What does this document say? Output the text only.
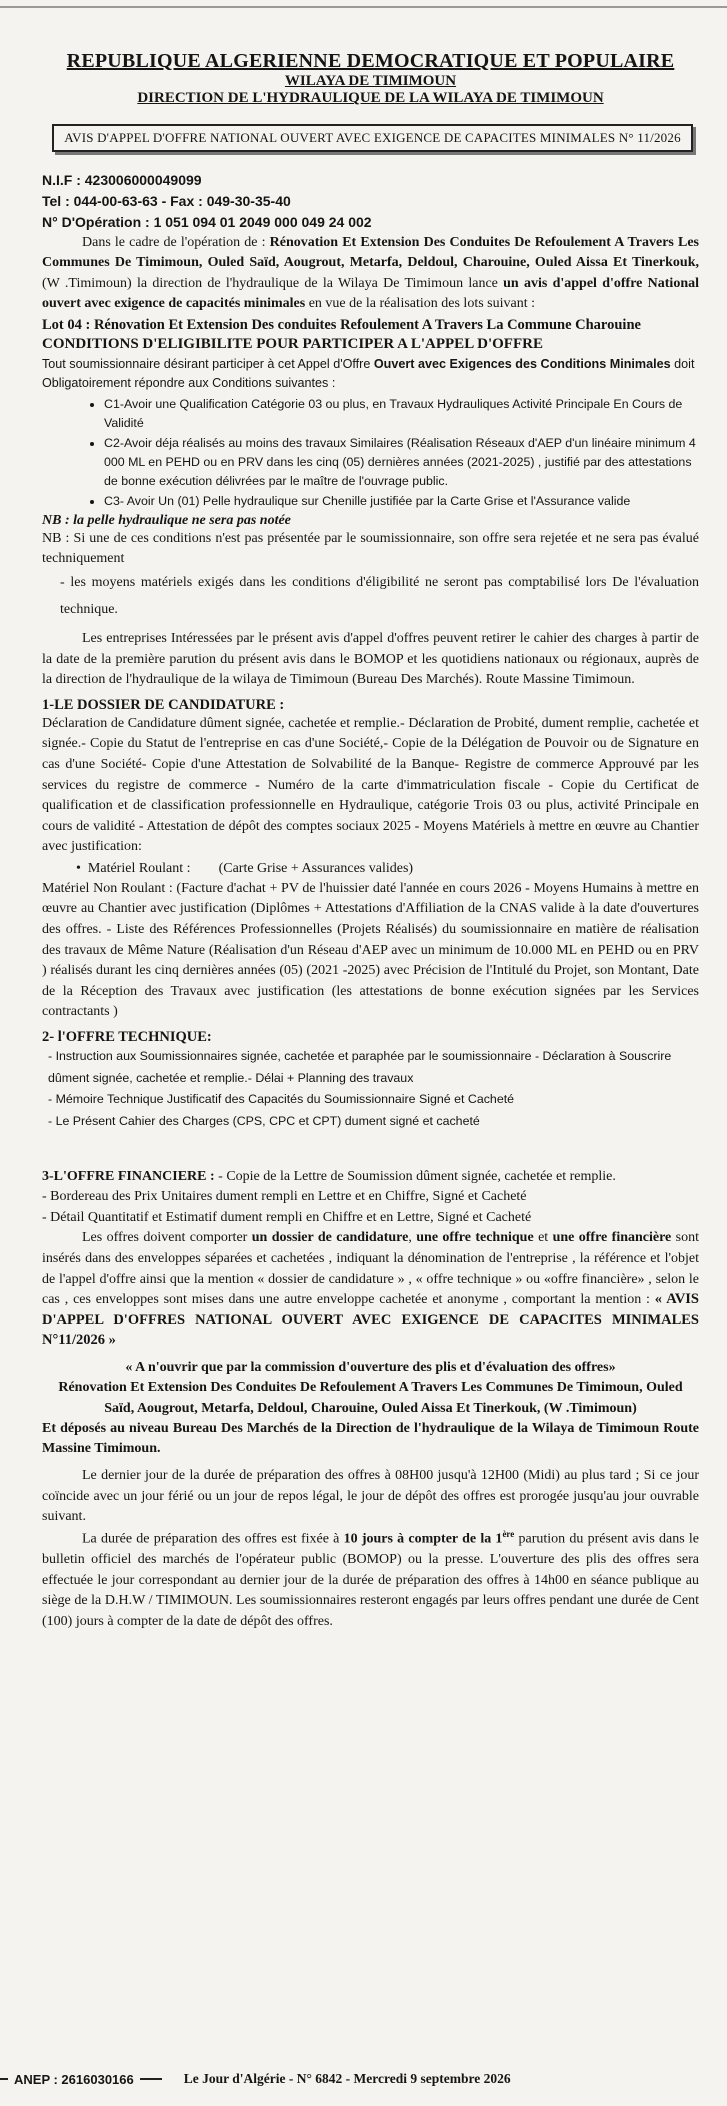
REPUBLIQUE ALGERIENNE DEMOCRATIQUE ET POPULAIRE
WILAYA DE TIMIMOUN
DIRECTION DE L'HYDRAULIQUE DE LA WILAYA DE TIMIMOUN
AVIS D'APPEL D'OFFRE NATIONAL OUVERT AVEC EXIGENCE DE CAPACITES MINIMALES N° 11/2026
N.I.F : 423006000049099
Tel : 044-00-63-63 - Fax : 049-30-35-40
N° D'Opération : 1 051 094 01 2049 000 049 24 002

Dans le cadre de l'opération de : Rénovation Et Extension Des Conduites De Refoulement A Travers Les Communes De Timimoun, Ouled Saïd, Aougrout, Metarfa, Deldoul, Charouine, Ouled Aissa Et Tinerkouk, (W .Timimoun) la direction de l'hydraulique de la Wilaya De Timimoun lance un avis d'appel d'offre National ouvert avec exigence de capacités minimales en vue de la réalisation des lots suivant :

Lot 04 : Rénovation Et Extension Des conduites Refoulement A Travers La Commune Charouine
CONDITIONS D'ELIGIBILITE POUR PARTICIPER A L'APPEL D'OFFRE

Tout soumissionnaire désirant participer à cet Appel d'Offre Ouvert avec Exigences des Conditions Minimales doit Obligatoirement répondre aux Conditions suivantes :

• C1-Avoir une Qualification Catégorie 03 ou plus, en Travaux Hydrauliques Activité Principale En Cours de Validité
• C2-Avoir déja réalisés au moins des travaux Similaires (Réalisation Réseaux d'AEP d'un linéaire minimum 4 000 ML en PEHD ou en PRV dans les cinq (05) dernières années (2021-2025) , justifié par des attestations de bonne exécution délivrées par le maître de l'ouvrage public.
• C3- Avoir Un (01) Pelle hydraulique sur Chenille justifiée par la Carte Grise et l'Assurance valide
NB : la pelle hydraulique ne sera pas notée

NB : Si une de ces conditions n'est pas présentée par le soumissionnaire, son offre sera rejetée et ne sera pas évalué techniquement

- les moyens matériels exigés dans les conditions d'éligibilité ne seront pas comptabilisé lors De l'évaluation technique.

Les entreprises Intéressées par le présent avis d'appel d'offres peuvent retirer le cahier des charges à partir de la date de la première parution du présent avis dans le BOMOP et les quotidiens nationaux ou régionaux, auprès de la direction de l'hydraulique de la wilaya de Timimoun (Bureau Des Marchés). Route Massine Timimoun.

1-LE DOSSIER DE CANDIDATURE :

Déclaration de Candidature dûment signée, cachetée et remplie.- Déclaration de Probité, dument remplie, cachetée et signée.- Copie du Statut de l'entreprise en cas d'une Société,- Copie de la Délégation de Pouvoir ou de Signature en cas d'une Société- Copie d'une Attestation de Solvabilité de la Banque- Registre de commerce Approuvé par les services du registre de commerce - Numéro de la carte d'immatriculation fiscale - Copie du Certificat de qualification et de classification professionnelle en Hydraulique, catégorie Trois 03 ou plus, activité Principale en cours de validité - Attestation de dépôt des comptes sociaux 2025 - Moyens Matériels à mettre en œuvre au Chantier avec justification:

•  Matériel Roulant : (Carte Grise + Assurances valides)

Matériel Non Roulant : (Facture d'achat + PV de l'huissier daté l'année en cours 2026 - Moyens Humains à mettre en œuvre au Chantier avec justification (Diplômes + Attestations d'Affiliation de la CNAS valide à la date d'ouvertures des offres. - Liste des Références Professionnelles (Projets Réalisés) du soumissionnaire en matière de réalisation des travaux de Même Nature (Réalisation d'un Réseau d'AEP avec un minimum de 10.000 ML en PEHD ou en PRV ) réalisés durant les cinq dernières années (05) (2021 -2025) avec Précision de l'Intitulé du Projet, son Montant, Date de la Réception des Travaux avec justification (les attestations de bonne exécution signées par les Services contractants )

2- l'OFFRE TECHNIQUE:
- Instruction aux Soumissionnaires signée, cachetée et paraphée par le soumissionnaire - Déclaration à Souscrire dûment signée, cachetée et remplie.- Délai + Planning des travaux
- Mémoire Technique Justificatif des Capacités du Soumissionnaire Signé et Cacheté
- Le Présent Cahier des Charges (CPS, CPC et CPT) dument signé et cacheté

3-L'OFFRE FINANCIERE : - Copie de la Lettre de Soumission dûment signée, cachetée et remplie.

- Bordereau des Prix Unitaires dument rempli en Lettre et en Chiffre, Signé et Cacheté

- Détail Quantitatif et Estimatif dument rempli en Chiffre et en Lettre, Signé et Cacheté

Les offres doivent comporter un dossier de candidature, une offre technique et une offre financière sont insérés dans des enveloppes séparées et cachetées , indiquant la dénomination de l'entreprise , la référence et l'objet de l'appel d'offre ainsi que la mention « dossier de candidature » , « offre technique » ou «offre financière» , selon le cas , ces enveloppes sont mises dans une autre enveloppe cachetée et anonyme , comportant la mention : « AVIS D'APPEL D'OFFRES NATIONAL OUVERT AVEC EXIGENCE DE CAPACITES MINIMALES N°11/2026 »

« A n'ouvrir que par la commission d'ouverture des plis et d'évaluation des offres»
Rénovation Et Extension Des Conduites De Refoulement A Travers Les Communes De Timimoun, Ouled Saïd, Aougrout, Metarfa, Deldoul, Charouine, Ouled Aissa Et Tinerkouk, (W .Timimoun)

Et déposés au niveau Bureau Des Marchés de la Direction de l'hydraulique de la Wilaya de Timimoun Route Massine Timimoun.

Le dernier jour de la durée de préparation des offres à 08H00 jusqu'à 12H00 (Midi) au plus tard ; Si ce jour coïncide avec un jour férié ou un jour de repos légal, le jour de dépôt des offres est prorogée jusqu'au jour ouvrable suivant.

La durée de préparation des offres est fixée à 10 jours à compter de la 1ère parution du présent avis dans le bulletin officiel des marchés de l'opérateur public (BOMOP) ou la presse. L'ouverture des plis des offres sera effectuée le jour correspondant au dernier jour de la durée de préparation des offres à 14h00 en séance publique au siège de la D.H.W / TIMIMOUN. Les soumissionnaires resteront engagés par leurs offres pendant une durée de Cent (100) jours à compter de la date de dépôt des offres.

ANEP : 2616030166	Le Jour d'Algérie - N° 6842 - Mercredi 9 septembre 2026
